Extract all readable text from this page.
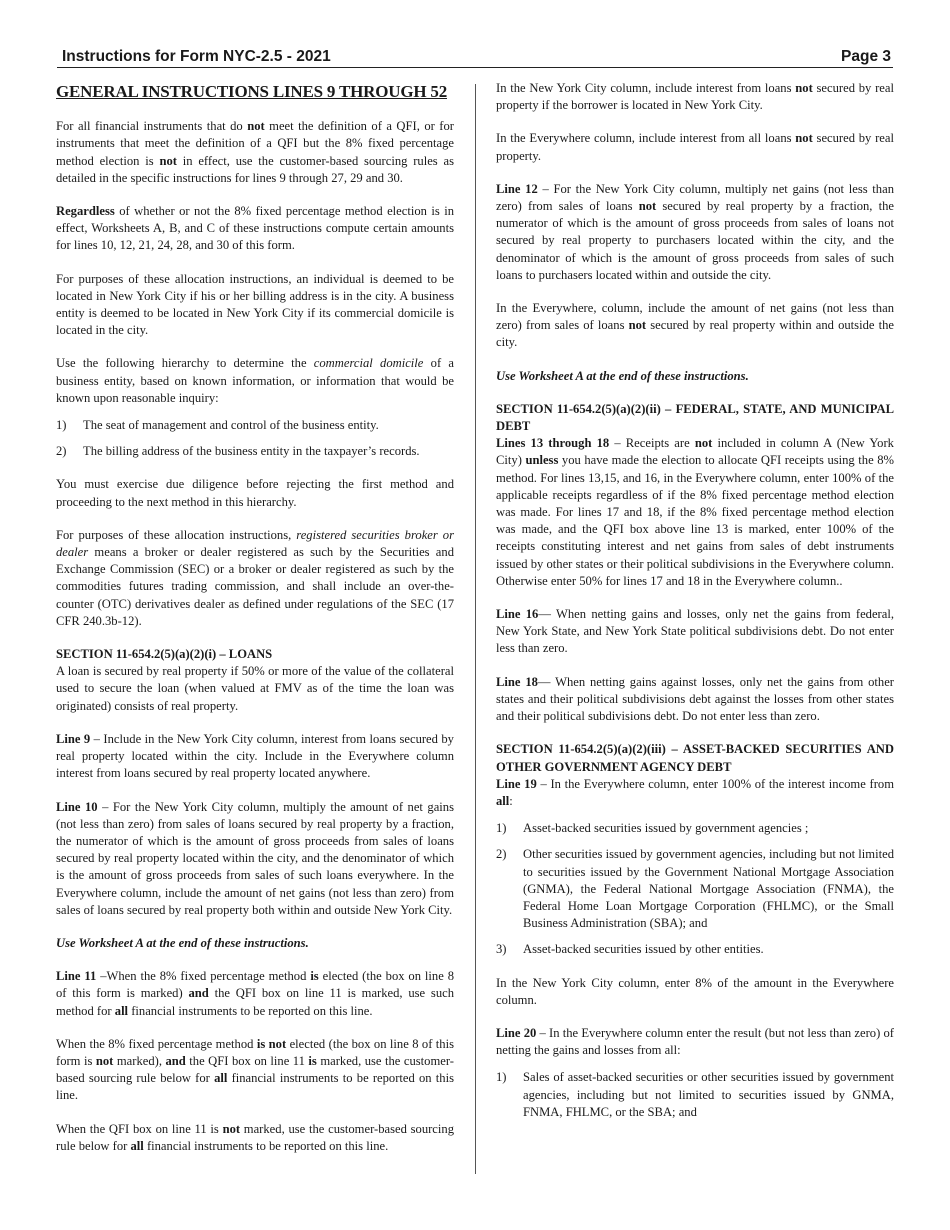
Instructions for Form NYC-2.5 - 2021	Page 3
GENERAL INSTRUCTIONS LINES 9 THROUGH 52

For all financial instruments that do not meet the definition of a QFI, or for instruments that meet the definition of a QFI but the 8% fixed percentage method election is not in effect, use the customer-based sourcing rules as detailed in the specific instructions for lines 9 through 27, 29 and 30.

Regardless of whether or not the 8% fixed percentage method election is in effect, Worksheets A, B, and C of these instructions compute certain amounts for lines 10, 12, 21, 24, 28, and 30 of this form.

For purposes of these allocation instructions, an individual is deemed to be located in New York City if his or her billing address is in the city. A business entity is deemed to be located in New York City if its commercial domicile is located in the city.

Use the following hierarchy to determine the commercial domicile of a business entity, based on known information, or information that would be known upon reasonable inquiry:

1) The seat of management and control of the business entity.
2) The billing address of the business entity in the taxpayer’s records.

You must exercise due diligence before rejecting the first method and proceeding to the next method in this hierarchy.

For purposes of these allocation instructions, registered securities broker or dealer means a broker or dealer registered as such by the Securities and Exchange Commission (SEC) or a broker or dealer registered as such by the commodities futures trading commission, and shall include an over-the-counter (OTC) derivatives dealer as defined under regulations of the SEC (17 CFR 240.3b-12).

SECTION 11-654.2(5)(a)(2)(i) – LOANS

A loan is secured by real property if 50% or more of the value of the collateral used to secure the loan (when valued at FMV as of the time the loan was originated) consists of real property.

Line 9 – Include in the New York City column, interest from loans secured by real property located within the city. Include in the Everywhere column interest from loans secured by real property located anywhere.

Line 10 – For the New York City column, multiply the amount of net gains (not less than zero) from sales of loans secured by real property by a fraction, the numerator of which is the amount of gross proceeds from sales of loans secured by real property located within the city, and the denominator of which is the amount of gross proceeds from sales of such loans everywhere. In the Everywhere column, include the amount of net gains (not less than zero) from sales of loans secured by real property both within and outside New York City.

Use Worksheet A at the end of these instructions.

Line 11 –When the 8% fixed percentage method is elected (the box on line 8 of this form is marked) and the QFI box on line 11 is marked, use such method for all financial instruments to be reported on this line.

When the 8% fixed percentage method is not elected (the box on line 8 of this form is not marked), and the QFI box on line 11 is marked, use the customer-based sourcing rule below for all financial instruments to be reported on this line.

When the QFI box on line 11 is not marked, use the customer-based sourcing rule below for all financial instruments to be reported on this line.

In the New York City column, include interest from loans not secured by real property if the borrower is located in New York City.

In the Everywhere column, include interest from all loans not secured by real property.

Line 12 – For the New York City column, multiply net gains (not less than zero) from sales of loans not secured by real property by a fraction, the numerator of which is the amount of gross proceeds from sales of loans not secured by real property to purchasers located within the city, and the denominator of which is the amount of gross proceeds from sales of such loans to purchasers located within and outside the city.

In the Everywhere, column, include the amount of net gains (not less than zero) from sales of loans not secured by real property within and outside the city.

Use Worksheet A at the end of these instructions.

SECTION 11-654.2(5)(a)(2)(ii) – FEDERAL, STATE, AND MUNICIPAL DEBT

Lines 13 through 18 – Receipts are not included in column A (New York City) unless you have made the election to allocate QFI receipts using the 8% method. For lines 13,15, and 16, in the Everywhere column, enter 100% of the applicable receipts regardless of if the 8% fixed percentage method election was made. For lines 17 and 18, if the 8% fixed percentage method election was made, and the QFI box above line 13 is marked, enter 100% of the receipts constituting interest and net gains from sales of debt instruments issued by other states or their political subdivisions in the Everywhere column. Otherwise enter 50% for lines 17 and 18 in the Everywhere column..

Line 16— When netting gains and losses, only net the gains from federal, New York State, and New York State political subdivisions debt. Do not enter less than zero.

Line 18— When netting gains against losses, only net the gains from other states and their political subdivisions debt against the losses from other states and their political subdivisions debt. Do not enter less than zero.

SECTION 11-654.2(5)(a)(2)(iii) – ASSET-BACKED SECURITIES AND OTHER GOVERNMENT AGENCY DEBT

Line 19 – In the Everywhere column, enter 100% of the interest income from all:

1) Asset-backed securities issued by government agencies ;
2) Other securities issued by government agencies, including but not limited to securities issued by the Government National Mortgage Association (GNMA), the Federal National Mortgage Association (FNMA), the Federal Home Loan Mortgage Corporation (FHLMC), or the Small Business Administration (SBA); and
3) Asset-backed securities issued by other entities.

In the New York City column, enter 8% of the amount in the Everywhere column.

Line 20 – In the Everywhere column enter the result (but not less than zero) of netting the gains and losses from all:

1) Sales of asset-backed securities or other securities issued by government agencies, including but not limited to securities issued by GNMA, FNMA, FHLMC, or the SBA; and
